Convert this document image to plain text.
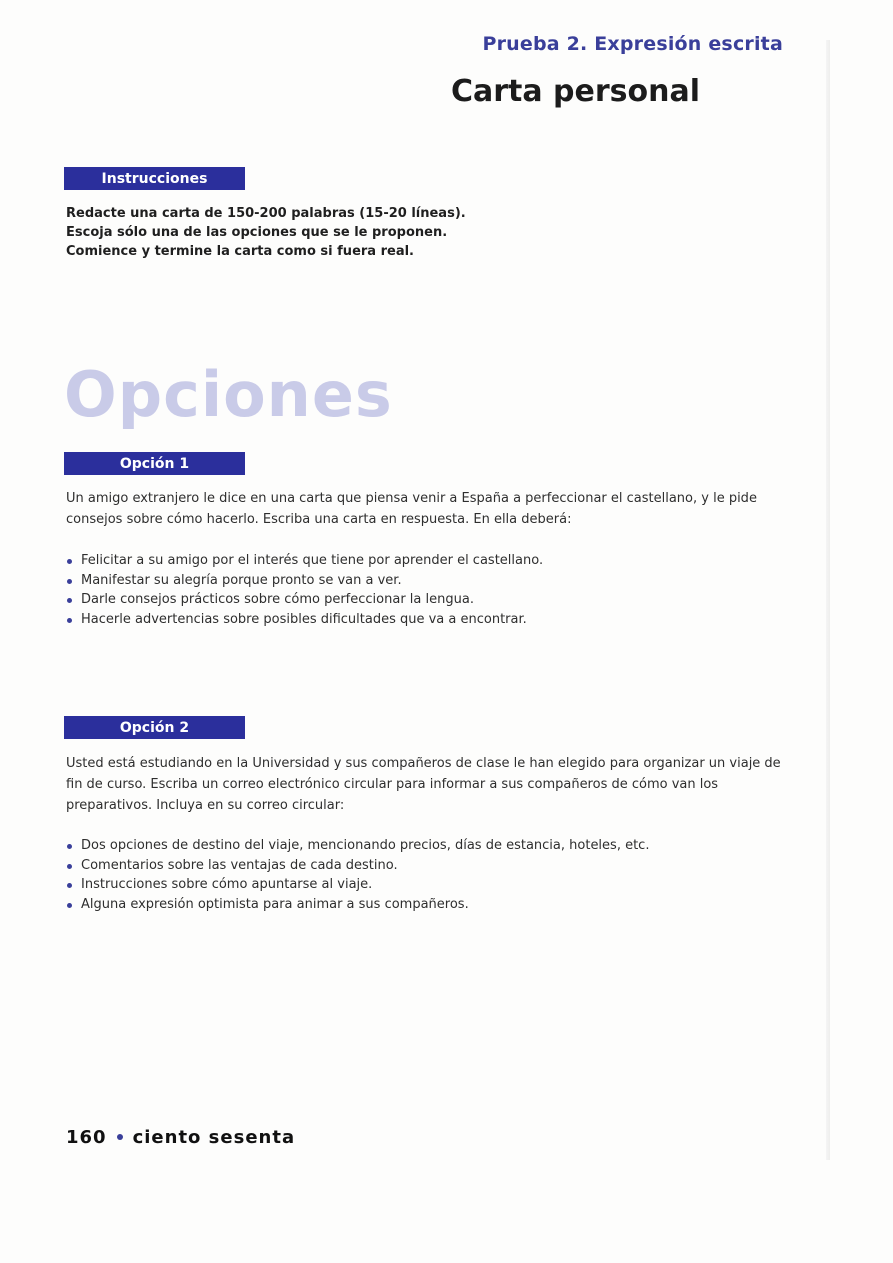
Prueba 2. Expresión escrita
Carta personal
Instrucciones
Redacte una carta de 150-200 palabras (15-20 líneas).
Escoja sólo una de las opciones que se le proponen.
Comience y termine la carta como si fuera real.
Opciones
Opción 1

Un amigo extranjero le dice en una carta que piensa venir a España a perfeccionar el castellano, y le pide consejos sobre cómo hacerlo. Escriba una carta en respuesta. En ella deberá:

Felicitar a su amigo por el interés que tiene por aprender el castellano.
Manifestar su alegría porque pronto se van a ver.
Darle consejos prácticos sobre cómo perfeccionar la lengua.
Hacerle advertencias sobre posibles dificultades que va a encontrar.
Opción 2

Usted está estudiando en la Universidad y sus compañeros de clase le han elegido para organizar un viaje de fin de curso. Escriba un correo electrónico circular para informar a sus compañeros de cómo van los preparativos. Incluya en su correo circular:

Dos opciones de destino del viaje, mencionando precios, días de estancia, hoteles, etc.
Comentarios sobre las ventajas de cada destino.
Instrucciones sobre cómo apuntarse al viaje.
Alguna expresión optimista para animar a sus compañeros.
160 ciento sesenta
